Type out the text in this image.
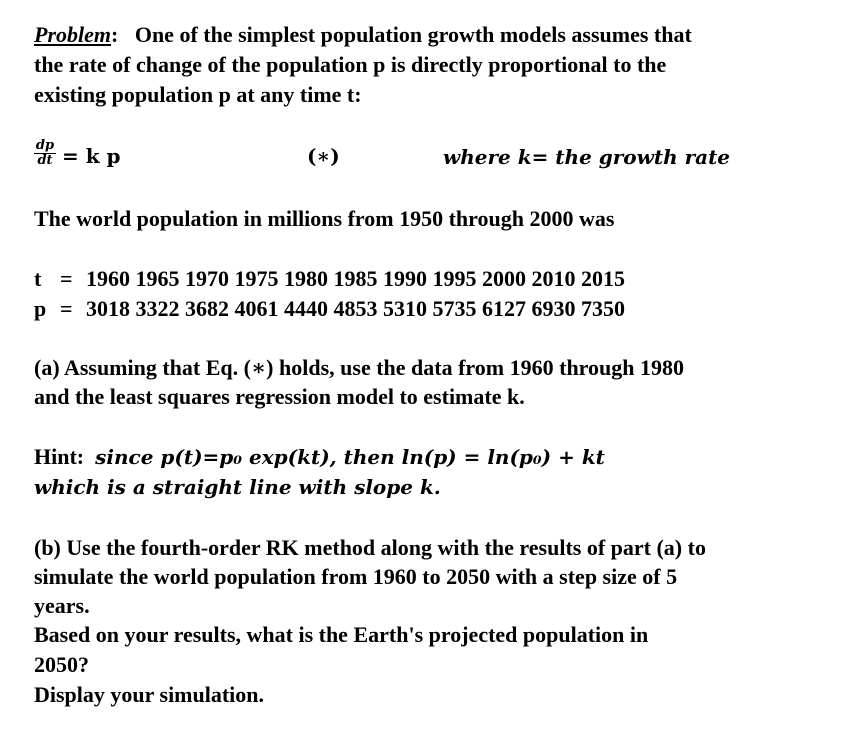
Problem:   One of the simplest population growth models assumes that
the rate of change of the population p is directly proportional to the
existing population p at any time t:
$\frac{dp}{dt} = k$ p	(∗)	where k= the growth rate
The world population in millions from 1950 through 2000 was
t = 1960 1965 1970 1975 1980 1985 1990 1995 2000 2010 2015
p = 3018 3322 3682 4061 4440 4853 5310 5735 6127 6930 7350
(a) Assuming that Eq. (∗) holds, use the data from 1960 through 1980
and the least squares regression model to estimate k.
Hint: since p(t)=p₀ exp(kt), then ln(p) = ln(p₀) + kt
which is a straight line with slope k.
(b) Use the fourth-order RK method along with the results of part (a) to
simulate the world population from 1960 to 2050 with a step size of 5
years.
Based on your results, what is the Earth's projected population in
2050?
Display your simulation.
